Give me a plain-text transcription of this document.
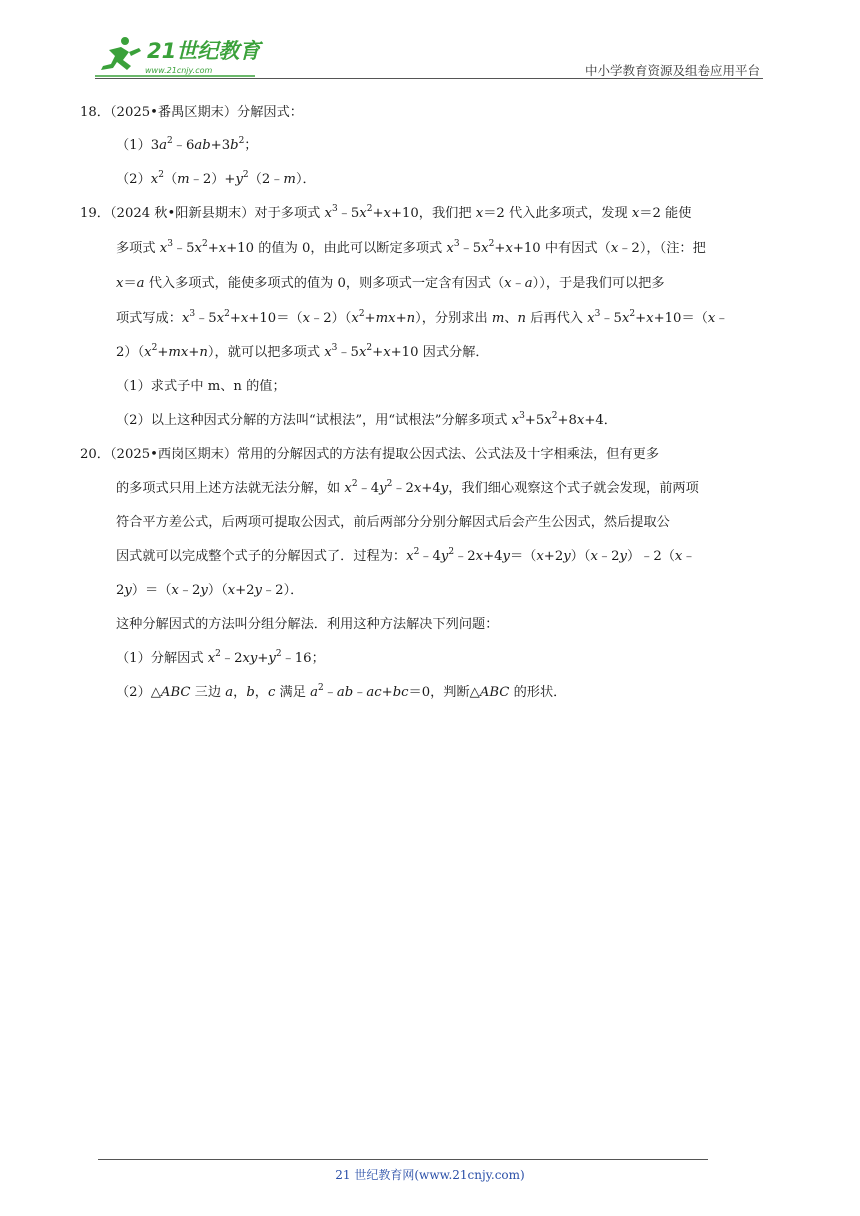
21世纪教育
www.21cnjy.com	中小学教育资源及组卷应用平台
18．（2025•番禺区期末）分解因式：
$(1)3a^2﹣6ab+3b^2$；
$(2)x^2(m﹣2)+y^2(2﹣m)$．
19．（2024 秋•阳新县期末）对于多项式 $x^3﹣5x^2+x+10$，我们把 x＝2 代入此多项式，发现 x＝2 能使
多项式 $x^3﹣5x^2+x+10$ 的值为 0，由此可以断定多项式 $x^3﹣5x^2+x+10$ 中有因式（x﹣2），（注：把
x＝a 代入多项式，能使多项式的值为 0，则多项式一定含有因式（x﹣a）），于是我们可以把多
项式写成：$x^3﹣5x^2+x+10=(x﹣2)(x^2+mx+n)$，分别求出 m、n 后再代入 $x^3﹣5x^2+x+10=(x﹣$
$2)(x^2+mx+n)$，就可以把多项式 $x^3﹣5x^2+x+10$ 因式分解．
（1）求式子中 m、n 的值；
（2）以上这种因式分解的方法叫“试根法”，用“试根法”分解多项式 $x^3+5x^2+8x+4$．
20．（2025•西岗区期末）常用的分解因式的方法有提取公因式法、公式法及十字相乘法，但有更多
的多项式只用上述方法就无法分解，如 $x^2﹣4y^2﹣2x+4y$，我们细心观察这个式子就会发现，前两项
符合平方差公式，后两项可提取公因式，前后两部分分别分解因式后会产生公因式，然后提取公
因式就可以完成整个式子的分解因式了．过程为：$x^2﹣4y^2﹣2x+4y=(x+2y)(x﹣2y)﹣2(x﹣$
2y）＝（x﹣2y）（x+2y﹣2）．
这种分解因式的方法叫分组分解法．利用这种方法解决下列问题：
（1）分解因式 $x^2﹣2xy+y^2﹣16$；
（2）△ABC 三边 a，b，c 满足 $a^2﹣ab﹣ac+bc=0$，判断△ABC 的形状．
21 世纪教育网(www.21cnjy.com)
